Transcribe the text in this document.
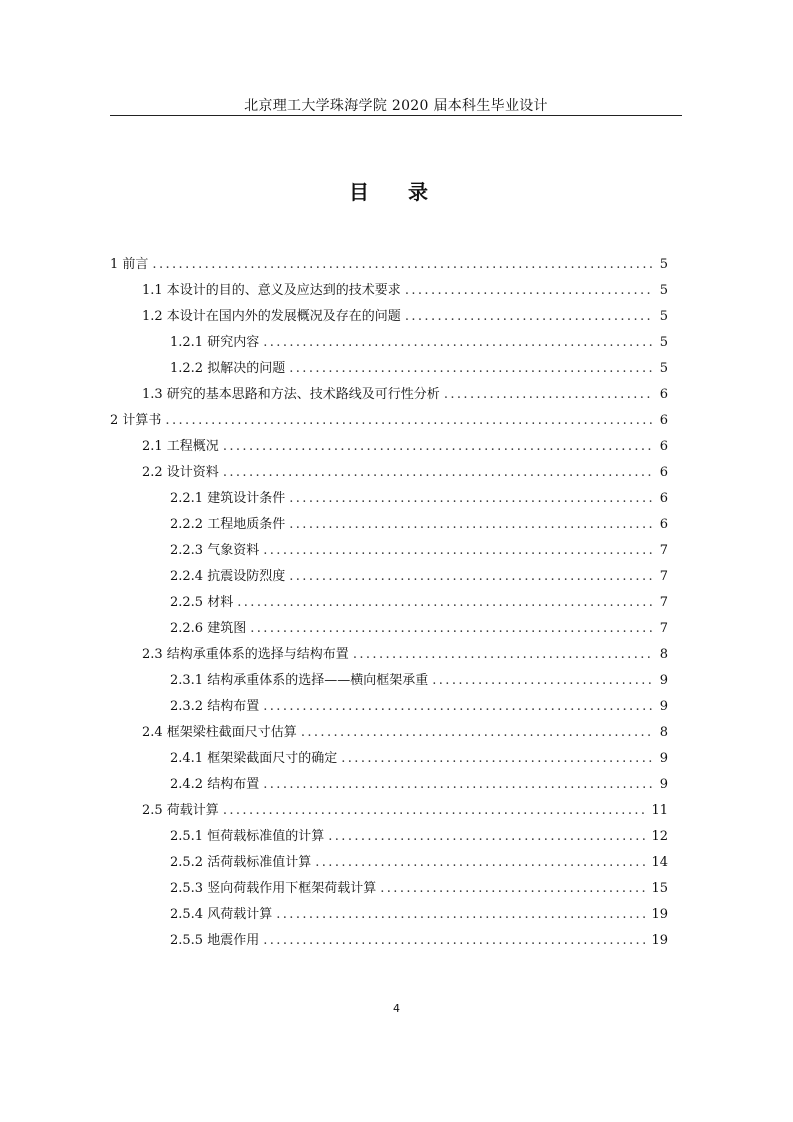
北京理工大学珠海学院 2020 届本科生毕业设计
目 录
1 前言 .....	5
1.1 本设计的目的、意义及应达到的技术要求 .....	5
1.2 本设计在国内外的发展概况及存在的问题 .....	5
1.2.1 研究内容 .....	5
1.2.2 拟解决的问题 .....	5
1.3 研究的基本思路和方法、技术路线及可行性分析 .....	6
2 计算书 .....	6
2.1 工程概况 .....	6
2.2 设计资料 .....	6
2.2.1 建筑设计条件 .....	6
2.2.2 工程地质条件 .....	6
2.2.3 气象资料 .....	7
2.2.4 抗震设防烈度 .....	7
2.2.5 材料 .....	7
2.2.6 建筑图 .....	7
2.3 结构承重体系的选择与结构布置 .....	8
2.3.1 结构承重体系的选择——横向框架承重 .....	9
2.3.2 结构布置 .....	9
2.4 框架梁柱截面尺寸估算 .....	8
2.4.1 框架梁截面尺寸的确定 .....	9
2.4.2 结构布置 .....	9
2.5 荷载计算 .....	11
2.5.1 恒荷载标准值的计算 .....	12
2.5.2 活荷载标准值计算 .....	14
2.5.3 竖向荷载作用下框架荷载计算 .....	15
2.5.4 风荷载计算 .....	19
2.5.5 地震作用 .....	19
4
